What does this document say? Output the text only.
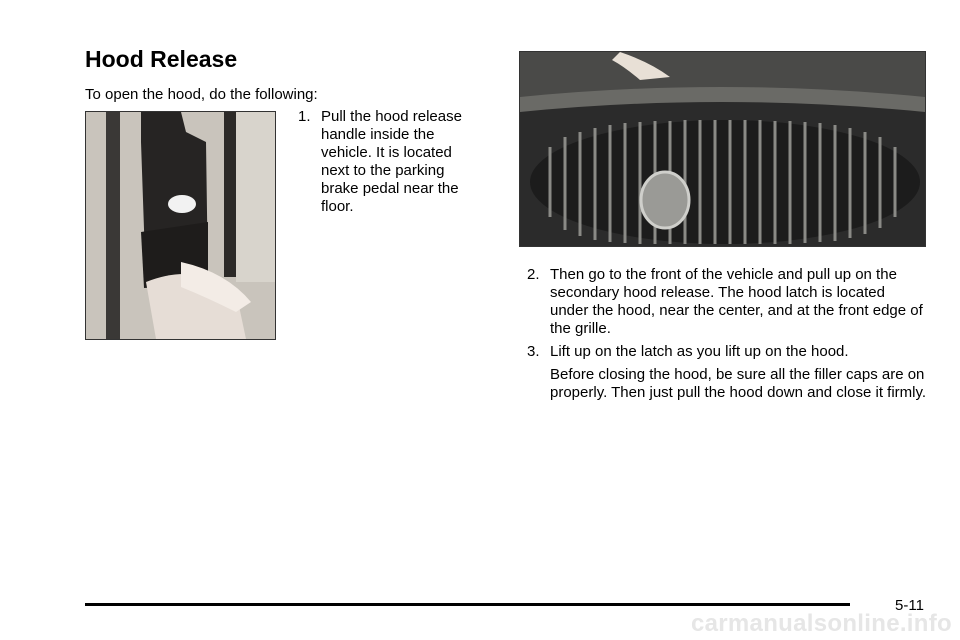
Hood Release

To open the hood, do the following:

1. Pull the hood release handle inside the vehicle. It is located next to the parking brake pedal near the floor.

2. Then go to the front of the vehicle and pull up on the secondary hood release. The hood latch is located under the hood, near the center, and at the front edge of the grille.

3. Lift up on the latch as you lift up on the hood.

Before closing the hood, be sure all the filler caps are on properly. Then just pull the hood down and close it firmly.

5-11
carmanualsonline.info
